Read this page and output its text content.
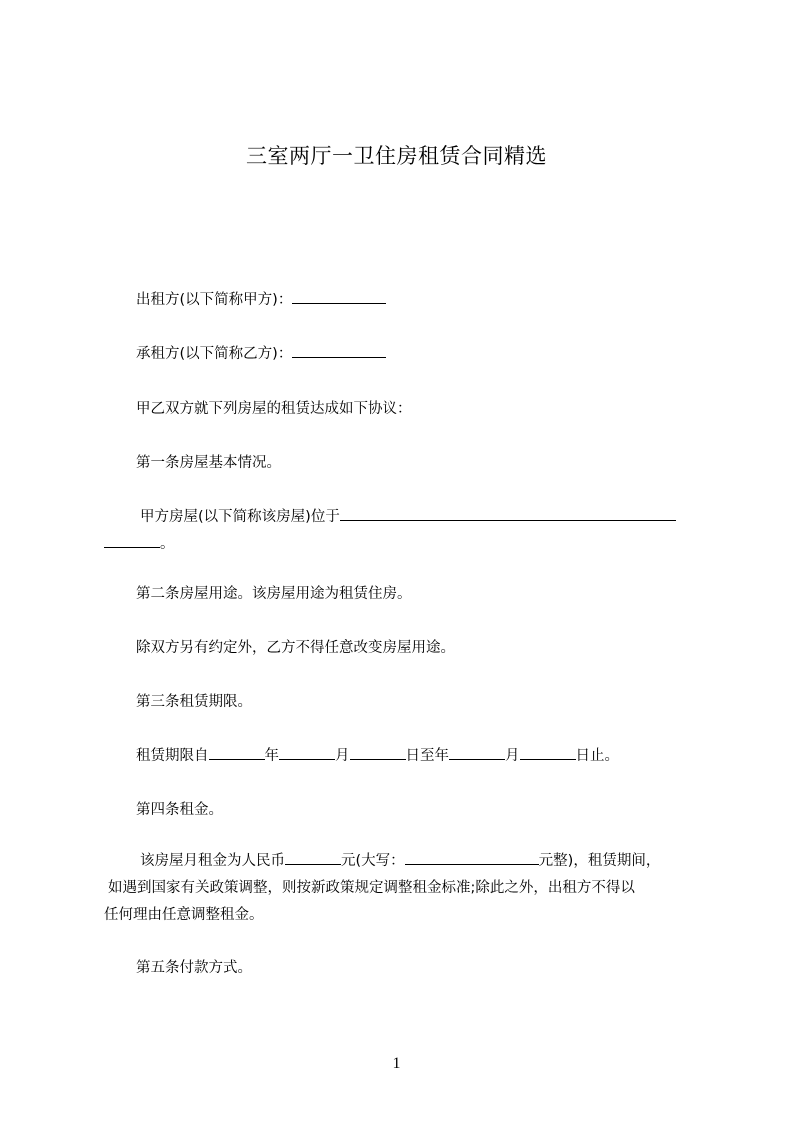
三室两厅一卫住房租赁合同精选

出租方(以下简称甲方)：

承租方(以下简称乙方)：

甲乙双方就下列房屋的租赁达成如下协议：

第一条房屋基本情况。

甲方房屋(以下简称该房屋)位于

。

第二条房屋用途。该房屋用途为租赁住房。

除双方另有约定外，乙方不得任意改变房屋用途。

第三条租赁期限。

租赁期限自	年	月	日至年	月	日止。

第四条租金。

该房屋月租金为人民币	元(大写：	元整)，租赁期间，

如遇到国家有关政策调整，则按新政策规定调整租金标准;除此之外，出租方不得以

任何理由任意调整租金。

第五条付款方式。

1
